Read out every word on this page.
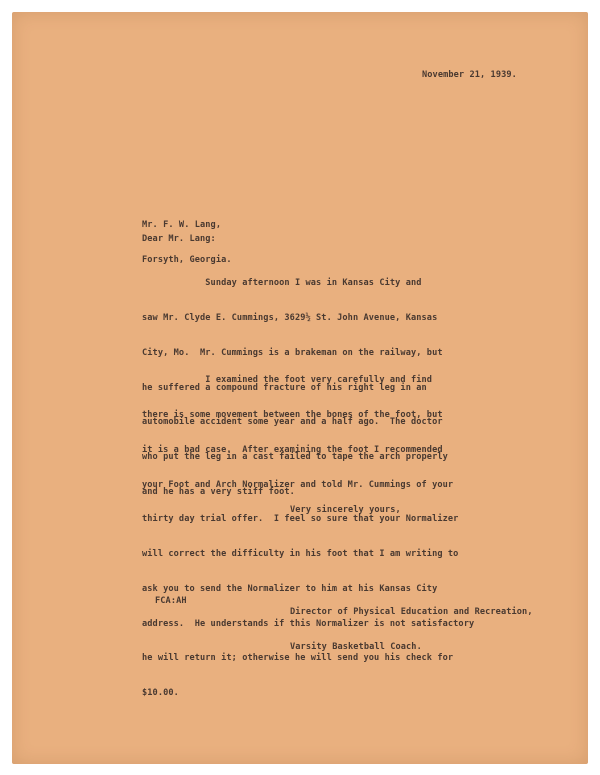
November 21, 1939.

Mr. F. W. Lang,

Forsyth, Georgia.

Dear Mr. Lang:

Sunday afternoon I was in Kansas City and

saw Mr. Clyde E. Cummings, 3629½ St. John Avenue, Kansas

City, Mo.  Mr. Cummings is a brakeman on the railway, but

he suffered a compound fracture of his right leg in an

automobile accident some year and a half ago.  The doctor

who put the leg in a cast failed to tape the arch properly

and he has a very stiff foot.

I examined the foot very carefully and find

there is some movement between the bones of the foot, but

it is a bad case.  After examining the foot I recommended

your Foot and Arch Normalizer and told Mr. Cummings of your

thirty day trial offer.  I feel so sure that your Normalizer

will correct the difficulty in his foot that I am writing to

ask you to send the Normalizer to him at his Kansas City

address.  He understands if this Normalizer is not satisfactory

he will return it; otherwise he will send you his check for

$10.00.

Very sincerely yours,

Director of Physical Education and Recreation,

Varsity Basketball Coach.

FCA:AH
